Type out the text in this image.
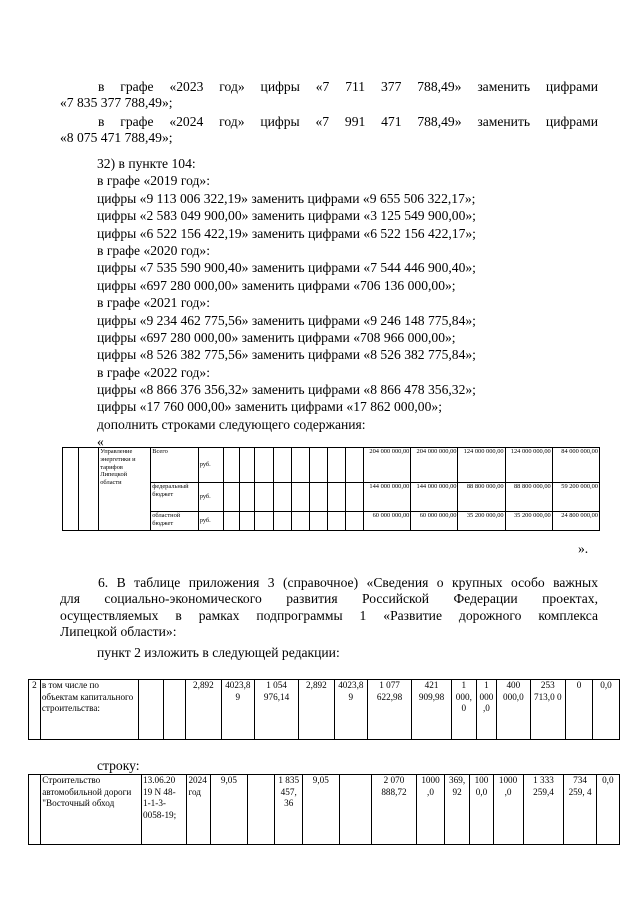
в графе «2023 год» цифры «7 711 377 788,49» заменить цифрами
«7 835 377 788,49»;
в графе «2024 год» цифры «7 991 471 788,49» заменить цифрами
«8 075 471 788,49»;
32) в пункте 104:
в графе «2019 год»:
цифры «9 113 006 322,19» заменить цифрами «9 655 506 322,17»;
цифры «2 583 049 900,00» заменить цифрами «3 125 549 900,00»;
цифры «6 522 156 422,19» заменить цифрами «6 522 156 422,17»;
в графе «2020 год»:
цифры «7 535 590 900,40» заменить цифрами «7 544 446 900,40»;
цифры «697 280 000,00» заменить цифрами «706 136 000,00»;
в графе «2021 год»:
цифры «9 234 462 775,56» заменить цифрами «9 246 148 775,84»;
цифры «697 280 000,00» заменить цифрами «708 966 000,00»;
цифры «8 526 382 775,56» заменить цифрами «8 526 382 775,84»;
в графе «2022 год»:
цифры «8 866 376 356,32» заменить цифрами «8 866 478 356,32»;
цифры «17 760 000,00» заменить цифрами «17 862 000,00»;
дополнить строками следующего содержания:
«
		Управление энергетики и тарифов Липецкой области	Всего	руб.									204 000 000,00	204 000 000,00	124 000 000,00	124 000 000,00	84 000 000,00
			федеральный бюджет	руб.									144 000 000,00	144 000 000,00	88 800 000,00	88 800 000,00	59 200 000,00
			областной бюджет	руб.									60 000 000,00	60 000 000,00	35 200 000,00	35 200 000,00	24 800 000,00
».
6. В таблице приложения 3 (справочное) «Сведения о крупных особо важных
для социально-экономического развития Российской Федерации проектах,
осуществляемых в рамках подпрограммы 1 «Развитие дорожного комплекса
Липецкой области»:
пункт 2 изложить в следующей редакции:
2	в том числе по объектам капитального строительства:			2,892	4023,8 9	1 054 976,14	2,892	4023,8 9	1 077 622,98	421 909,98	1 000, 0	1 000 ,0	400 000,0	253 713,0 0	0	0,0
строку:
	Строительство автомобильной дороги "Восточный обход	13.06.20 19 N 48- 1-1-3- 0058-19;	2024 год	9,05		1 835 457, 36	9,05		2 070 888,72	1000 ,0	369, 92	100 0,0	1000 ,0	1 333 259,4	734 259, 4	0,0
